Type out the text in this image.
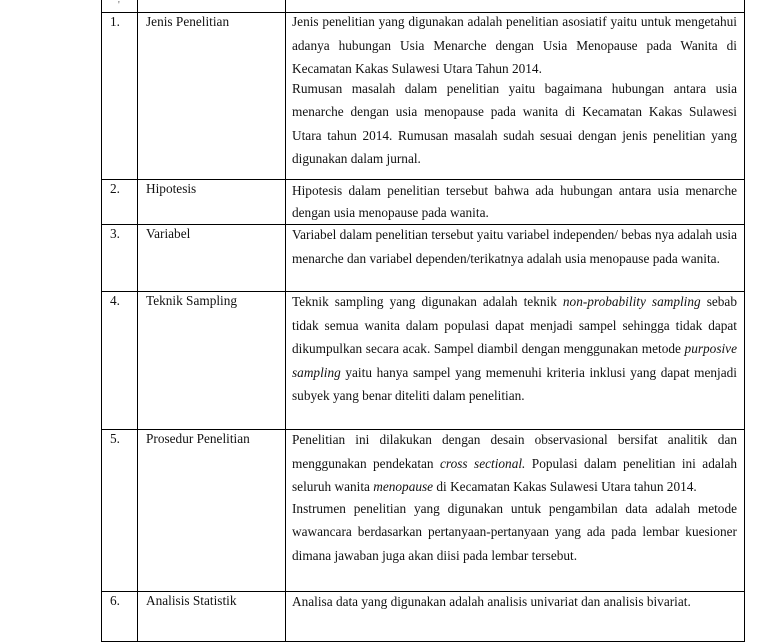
'

1.	Jenis Penelitian	Jenis penelitian yang digunakan adalah penelitian asosiatif yaitu untuk mengetahui adanya hubungan Usia Menarche dengan Usia Menopause pada Wanita di Kecamatan Kakas Sulawesi Utara Tahun 2014.

Rumusan masalah dalam penelitian yaitu bagaimana hubungan antara usia menarche dengan usia menopause pada wanita di Kecamatan Kakas Sulawesi Utara tahun 2014. Rumusan masalah sudah sesuai dengan jenis penelitian yang digunakan dalam jurnal.

2.	Hipotesis	Hipotesis dalam penelitian tersebut bahwa ada hubungan antara usia menarche dengan usia menopause pada wanita.

3.	Variabel	Variabel dalam penelitian tersebut yaitu variabel independen/ bebas nya adalah usia menarche dan variabel dependen/terikatnya adalah usia menopause pada wanita.

4.	Teknik Sampling	Teknik sampling yang digunakan adalah teknik non-probability sampling sebab tidak semua wanita dalam populasi dapat menjadi sampel sehingga tidak dapat dikumpulkan secara acak. Sampel diambil dengan menggunakan metode purposive sampling yaitu hanya sampel yang memenuhi kriteria inklusi yang dapat menjadi subyek yang benar diteliti dalam penelitian.

5.	Prosedur Penelitian	Penelitian ini dilakukan dengan desain observasional bersifat analitik dan menggunakan pendekatan cross sectional. Populasi dalam penelitian ini adalah seluruh wanita menopause di Kecamatan Kakas Sulawesi Utara tahun 2014.

Instrumen penelitian yang digunakan untuk pengambilan data adalah metode wawancara berdasarkan pertanyaan-pertanyaan yang ada pada lembar kuesioner dimana jawaban juga akan diisi pada lembar tersebut.

6.	Analisis Statistik	Analisa data yang digunakan adalah analisis univariat dan analisis bivariat.
